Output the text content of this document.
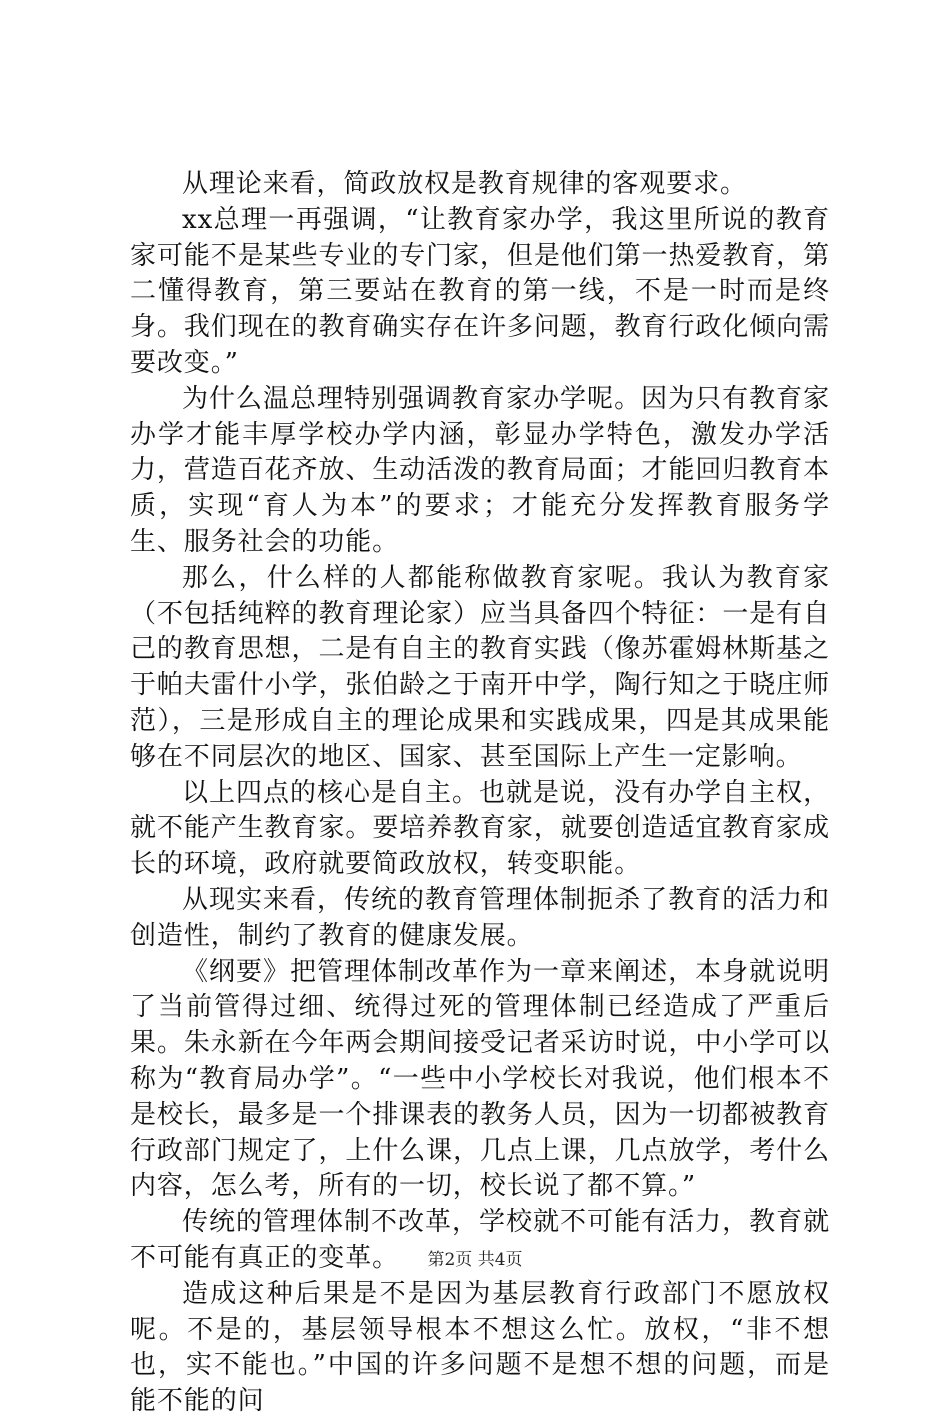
从理论来看，简政放权是教育规律的客观要求。

xx总理一再强调，“让教育家办学，我这里所说的教育家可能不是某些专业的专门家，但是他们第一热爱教育，第二懂得教育，第三要站在教育的第一线，不是一时而是终身。我们现在的教育确实存在许多问题，教育行政化倾向需要改变。”

为什么温总理特别强调教育家办学呢。因为只有教育家办学才能丰厚学校办学内涵，彰显办学特色，激发办学活力，营造百花齐放、生动活泼的教育局面；才能回归教育本质，实现“育人为本”的要求；才能充分发挥教育服务学生、服务社会的功能。

那么，什么样的人都能称做教育家呢。我认为教育家（不包括纯粹的教育理论家）应当具备四个特征：一是有自己的教育思想，二是有自主的教育实践（像苏霍姆林斯基之于帕夫雷什小学，张伯龄之于南开中学，陶行知之于晓庄师范），三是形成自主的理论成果和实践成果，四是其成果能够在不同层次的地区、国家、甚至国际上产生一定影响。

以上四点的核心是自主。也就是说，没有办学自主权，就不能产生教育家。要培养教育家，就要创造适宜教育家成长的环境，政府就要简政放权，转变职能。

从现实来看，传统的教育管理体制扼杀了教育的活力和创造性，制约了教育的健康发展。

《纲要》把管理体制改革作为一章来阐述，本身就说明了当前管得过细、统得过死的管理体制已经造成了严重后果。朱永新在今年两会期间接受记者采访时说，中小学可以称为“教育局办学”。“一些中小学校长对我说，他们根本不是校长，最多是一个排课表的教务人员，因为一切都被教育行政部门规定了，上什么课，几点上课，几点放学，考什么内容，怎么考，所有的一切，校长说了都不算。”

传统的管理体制不改革，学校就不可能有活力，教育就不可能有真正的变革。

造成这种后果是不是因为基层教育行政部门不愿放权呢。不是的，基层领导根本不想这么忙。放权，“非不想也，实不能也。”中国的许多问题不是想不想的问题，而是能不能的问

第2页 共4页
